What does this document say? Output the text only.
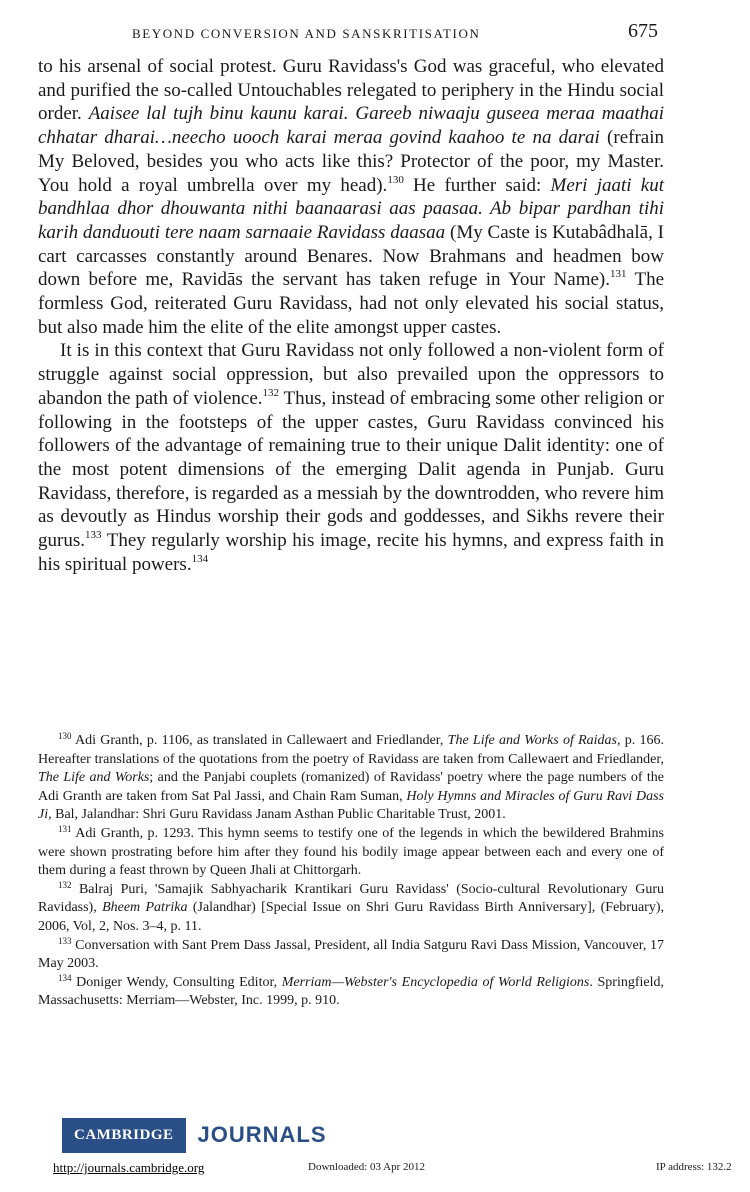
BEYOND CONVERSION AND SANSKRITISATION	675

to his arsenal of social protest. Guru Ravidass's God was graceful, who elevated and purified the so-called Untouchables relegated to periphery in the Hindu social order. Aaisee lal tujh binu kaunu karai. Gareeb niwaaju guseea meraa maathai chhatar dharai…neecho uooch karai meraa govind kaahoo te na darai (refrain My Beloved, besides you who acts like this? Protector of the poor, my Master. You hold a royal umbrella over my head).$^{130}$ He further said: Meri jaati kut bandhlaa dhor dhouwanta nithi baanaarasi aas paasaa. Ab bipar pardhan tihi karih danduouti tere naam sarnaaie Ravidass daasaa (My Caste is Kutabâdhalā, I cart carcasses constantly around Benares. Now Brahmans and headmen bow down before me, Ravidās the servant has taken refuge in Your Name).$^{131}$ The formless God, reiterated Guru Ravidass, had not only elevated his social status, but also made him the elite of the elite amongst upper castes.

It is in this context that Guru Ravidass not only followed a non-violent form of struggle against social oppression, but also prevailed upon the oppressors to abandon the path of violence.$^{132}$ Thus, instead of embracing some other religion or following in the footsteps of the upper castes, Guru Ravidass convinced his followers of the advantage of remaining true to their unique Dalit identity: one of the most potent dimensions of the emerging Dalit agenda in Punjab. Guru Ravidass, therefore, is regarded as a messiah by the downtrodden, who revere him as devoutly as Hindus worship their gods and goddesses, and Sikhs revere their gurus.$^{133}$ They regularly worship his image, recite his hymns, and express faith in his spiritual powers.$^{134}$

$^{130}$ Adi Granth, p. 1106, as translated in Callewaert and Friedlander, The Life and Works of Raidas, p. 166. Hereafter translations of the quotations from the poetry of Ravidass are taken from Callewaert and Friedlander, The Life and Works; and the Panjabi couplets (romanized) of Ravidass' poetry where the page numbers of the Adi Granth are taken from Sat Pal Jassi, and Chain Ram Suman, Holy Hymns and Miracles of Guru Ravi Dass Ji, Bal, Jalandhar: Shri Guru Ravidass Janam Asthan Public Charitable Trust, 2001.

$^{131}$ Adi Granth, p. 1293. This hymn seems to testify one of the legends in which the bewildered Brahmins were shown prostrating before him after they found his bodily image appear between each and every one of them during a feast thrown by Queen Jhali at Chittorgarh.

$^{132}$ Balraj Puri, 'Samajik Sabhyacharik Krantikari Guru Ravidass' (Socio-cultural Revolutionary Guru Ravidass), Bheem Patrika (Jalandhar) [Special Issue on Shri Guru Ravidass Birth Anniversary], (February), 2006, Vol, 2, Nos. 3–4, p. 11.

$^{133}$ Conversation with Sant Prem Dass Jassal, President, all India Satguru Ravi Dass Mission, Vancouver, 17 May 2003.

$^{134}$ Doniger Wendy, Consulting Editor, Merriam—Webster's Encyclopedia of World Religions. Springfield, Massachusetts: Merriam—Webster, Inc. 1999, p. 910.

CAMBRIDGE	JOURNALS
http://journals.cambridge.org	Downloaded: 03 Apr 2012	IP address: 132.2
